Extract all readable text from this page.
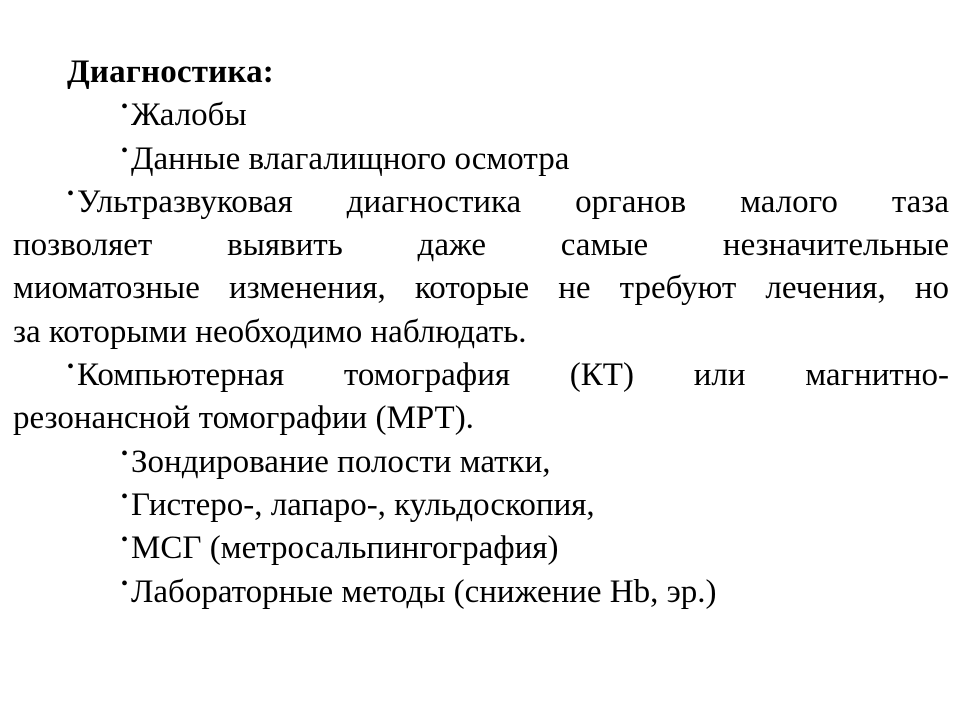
Диагностика:
•Жалобы
•Данные влагалищного осмотра
•Ультразвуковая диагностика органов малого таза
позволяет выявить даже самые незначительные
миоматозные изменения, которые не требуют лечения, но
за которыми необходимо наблюдать.
•Компьютерная томография (КТ) или магнитно-
резонансной томографии (МРТ).
•Зондирование полости матки,
•Гистеро-, лапаро-, кульдоскопия,
•МСГ (метросальпингография)
•Лабораторные методы (снижение Hb, эр.)
